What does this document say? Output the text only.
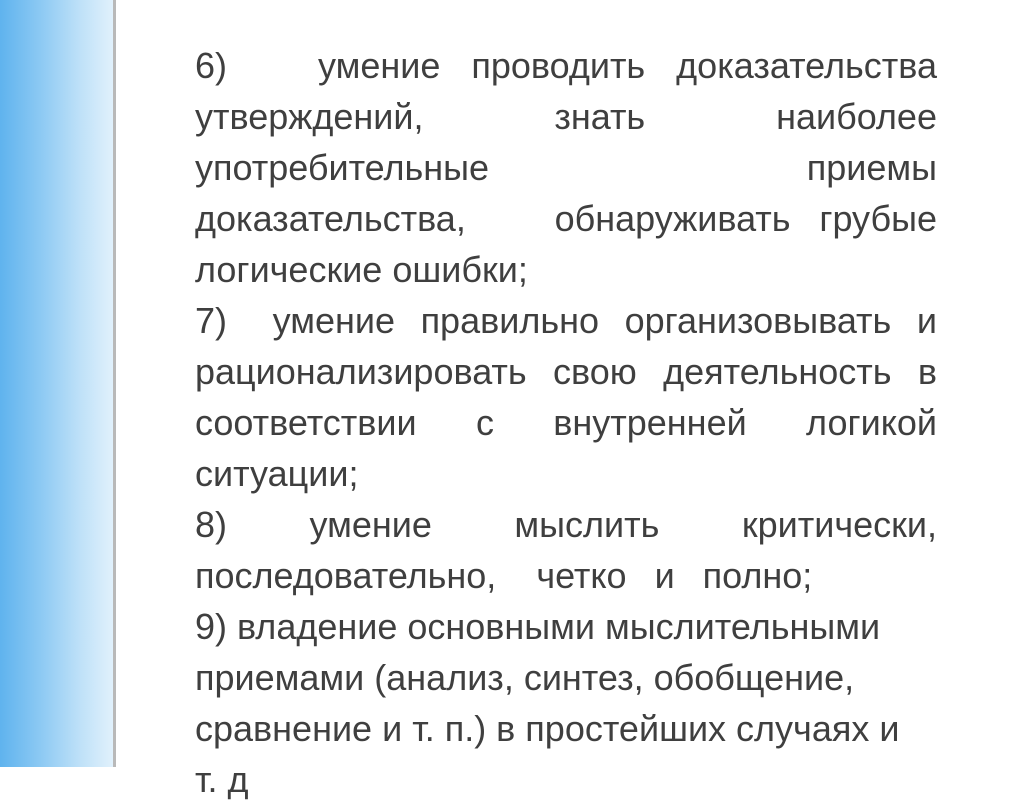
6)	умение проводить доказательства
утверждений,	знать	наиболее
употребительные	приемы
доказательства, обнаруживать грубые
логические ошибки;
7) умение правильно организовывать и
рационализировать свою деятельность в
соответствии с внутренней логикой
ситуации;
8) умение мыслить критически,
последовательно, четко и полно;
9) владение основными мыслительными
приемами (анализ, синтез, обобщение,
сравнение и т. п.) в простейших случаях и
т. д
